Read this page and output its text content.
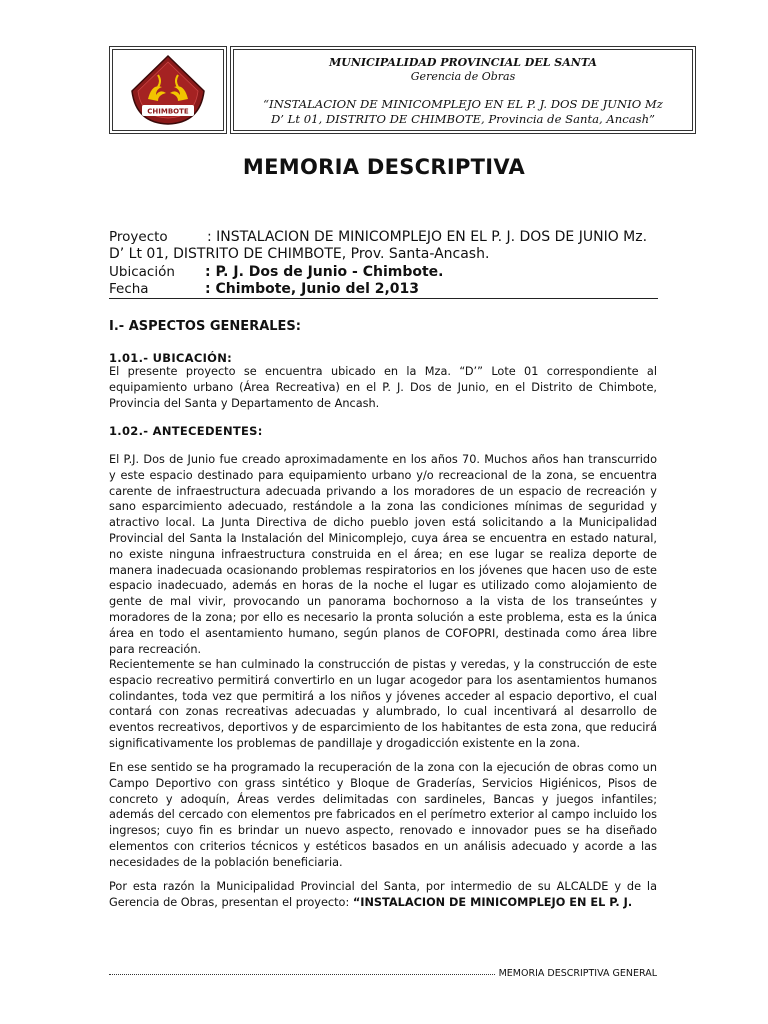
CHIMBOTE
MUNICIPALIDAD PROVINCIAL DEL SANTA
Gerencia de Obras
“INSTALACION DE MINICOMPLEJO EN EL P. J. DOS DE JUNIO Mz D’ Lt 01, DISTRITO DE CHIMBOTE, Provincia de Santa, Ancash”
MEMORIA DESCRIPTIVA
Proyecto	: INSTALACION DE MINICOMPLEJO EN EL P. J. DOS DE JUNIO Mz. D’ Lt 01, DISTRITO DE CHIMBOTE, Prov. Santa-Ancash.
Ubicación : P. J. Dos de Junio - Chimbote.
Fecha	: Chimbote, Junio del 2,013
I.- ASPECTOS GENERALES:
1.01.- UBICACIÓN:
El presente proyecto se encuentra ubicado en la Mza. “D’” Lote 01 correspondiente al equipamiento urbano (Área Recreativa) en el P. J. Dos de Junio, en el Distrito de Chimbote, Provincia del Santa y Departamento de Ancash.
1.02.- ANTECEDENTES:
El P.J. Dos de Junio fue creado aproximadamente en los años 70. Muchos años han transcurrido y este espacio destinado para equipamiento urbano y/o recreacional de la zona, se encuentra carente de infraestructura adecuada privando a los moradores de un espacio de recreación y sano esparcimiento adecuado, restándole a la zona las condiciones mínimas de seguridad y atractivo local. La Junta Directiva de dicho pueblo joven está solicitando a la Municipalidad Provincial del Santa la Instalación del Minicomplejo, cuya área se encuentra en estado natural, no existe ninguna infraestructura construida en el área; en ese lugar se realiza deporte de manera inadecuada ocasionando problemas respiratorios en los jóvenes que hacen uso de este espacio inadecuado, además en horas de la noche el lugar es utilizado como alojamiento de gente de mal vivir, provocando un panorama bochornoso a la vista de los transeúntes y moradores de la zona; por ello es necesario la pronta solución a este problema, esta es la única área en todo el asentamiento humano, según planos de COFOPRI, destinada como área libre para recreación.
Recientemente se han culminado la construcción de pistas y veredas, y la construcción de este espacio recreativo permitirá convertirlo en un lugar acogedor para los asentamientos humanos colindantes, toda vez que permitirá a los niños y jóvenes acceder al espacio deportivo, el cual contará con zonas recreativas adecuadas y alumbrado, lo cual incentivará al desarrollo de eventos recreativos, deportivos y de esparcimiento de los habitantes de esta zona, que reducirá significativamente los problemas de pandillaje y drogadicción existente en la zona.
En ese sentido se ha programado la recuperación de la zona con la ejecución de obras como un Campo Deportivo con grass sintético y Bloque de Graderías, Servicios Higiénicos, Pisos de concreto y adoquín, Áreas verdes delimitadas con sardineles, Bancas y juegos infantiles; además del cercado con elementos pre fabricados en el perímetro exterior al campo incluido los ingresos; cuyo fin es brindar un nuevo aspecto, renovado e innovador pues se ha diseñado elementos con criterios técnicos y estéticos basados en un análisis adecuado y acorde a las necesidades de la población beneficiaria.
Por esta razón la Municipalidad Provincial del Santa, por intermedio de su ALCALDE y de la Gerencia de Obras, presentan el proyecto: “INSTALACION DE MINICOMPLEJO EN EL P. J.
MEMORIA DESCRIPTIVA GENERAL
